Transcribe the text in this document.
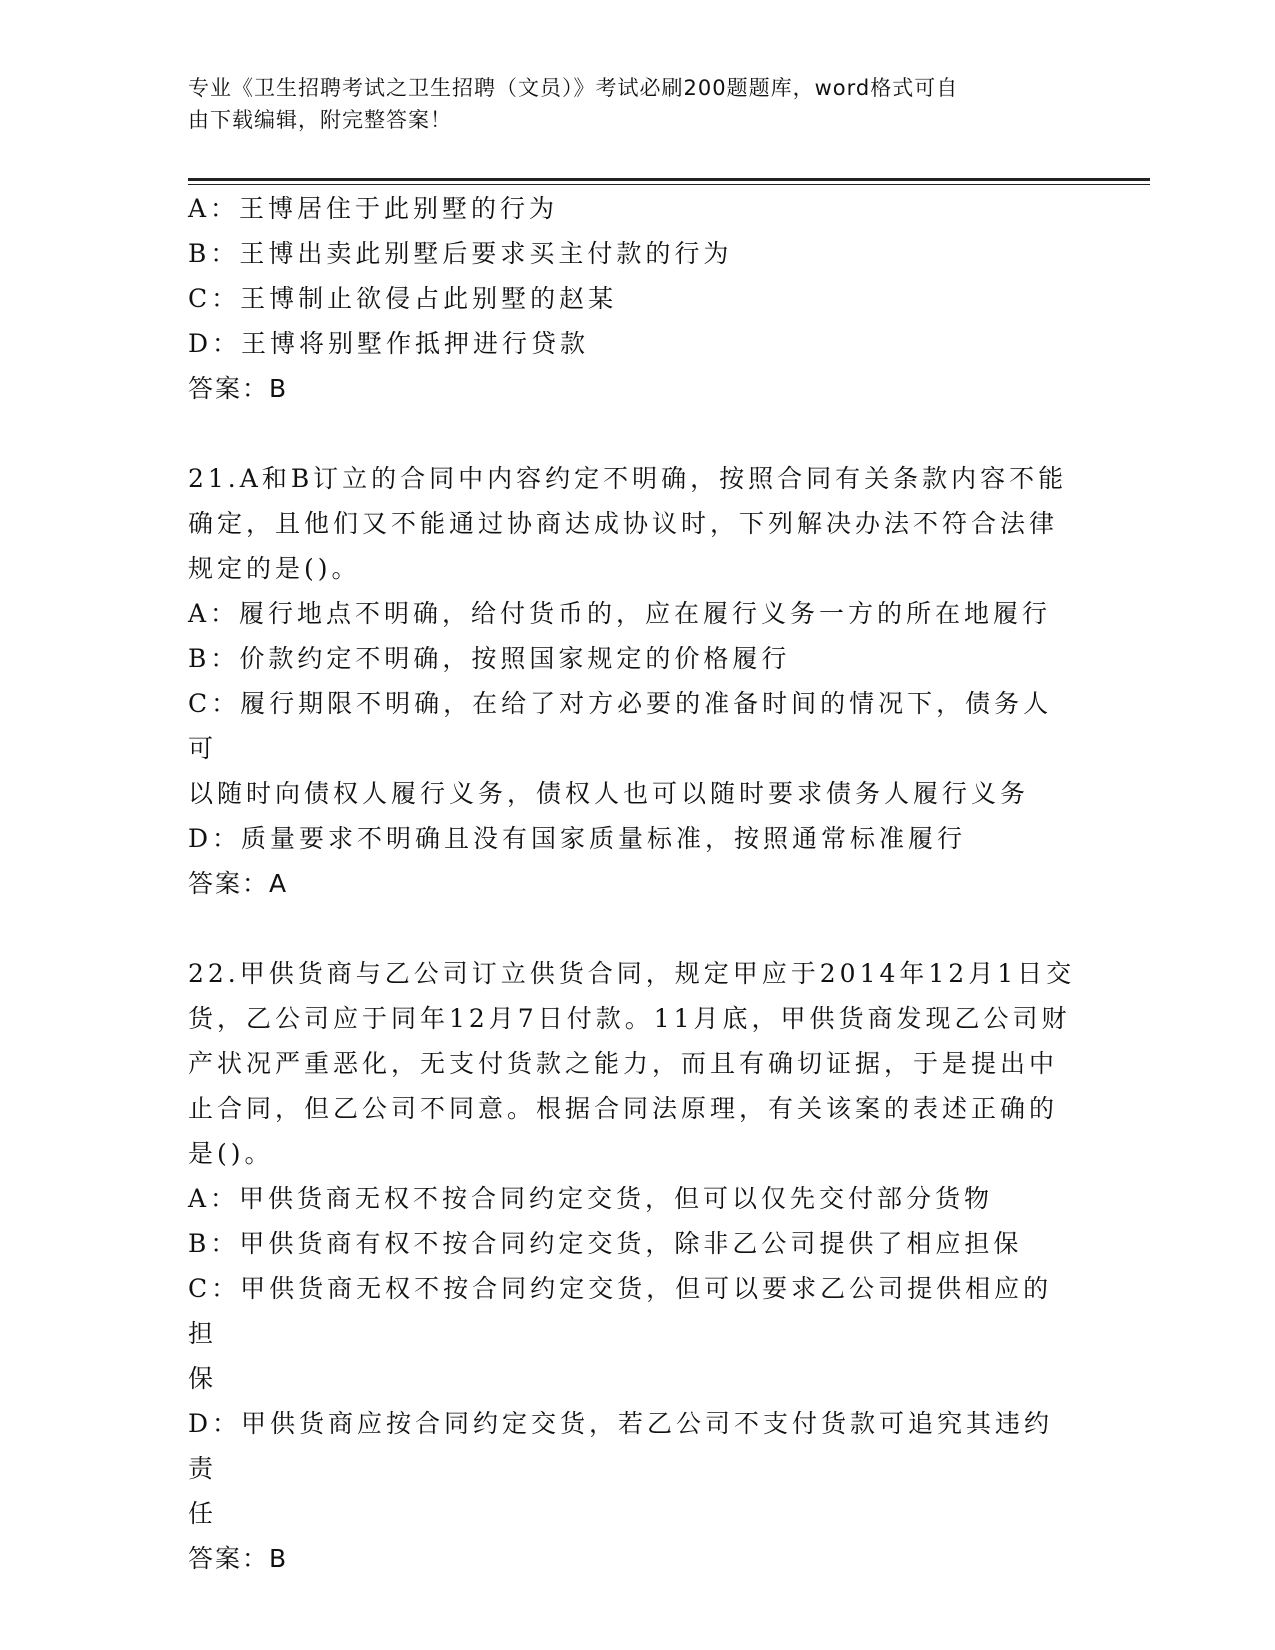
专业《卫生招聘考试之卫生招聘（文员）》考试必刷200题题库，word格式可自
由下载编辑，附完整答案！
A：王博居住于此别墅的行为
B：王博出卖此别墅后要求买主付款的行为
C：王博制止欲侵占此别墅的赵某
D：王博将别墅作抵押进行贷款
答案：B
21.A和B订立的合同中内容约定不明确，按照合同有关条款内容不能
确定，且他们又不能通过协商达成协议时，下列解决办法不符合法律
规定的是()。
A：履行地点不明确，给付货币的，应在履行义务一方的所在地履行
B：价款约定不明确，按照国家规定的价格履行
C：履行期限不明确，在给了对方必要的准备时间的情况下，债务人可
以随时向债权人履行义务，债权人也可以随时要求债务人履行义务
D：质量要求不明确且没有国家质量标准，按照通常标准履行
答案：A
22.甲供货商与乙公司订立供货合同，规定甲应于2014年12月1日交
货，乙公司应于同年12月7日付款。11月底，甲供货商发现乙公司财
产状况严重恶化，无支付货款之能力，而且有确切证据，于是提出中
止合同，但乙公司不同意。根据合同法原理，有关该案的表述正确的
是()。
A：甲供货商无权不按合同约定交货，但可以仅先交付部分货物
B：甲供货商有权不按合同约定交货，除非乙公司提供了相应担保
C：甲供货商无权不按合同约定交货，但可以要求乙公司提供相应的担
保
D：甲供货商应按合同约定交货，若乙公司不支付货款可追究其违约责
任
答案：B
